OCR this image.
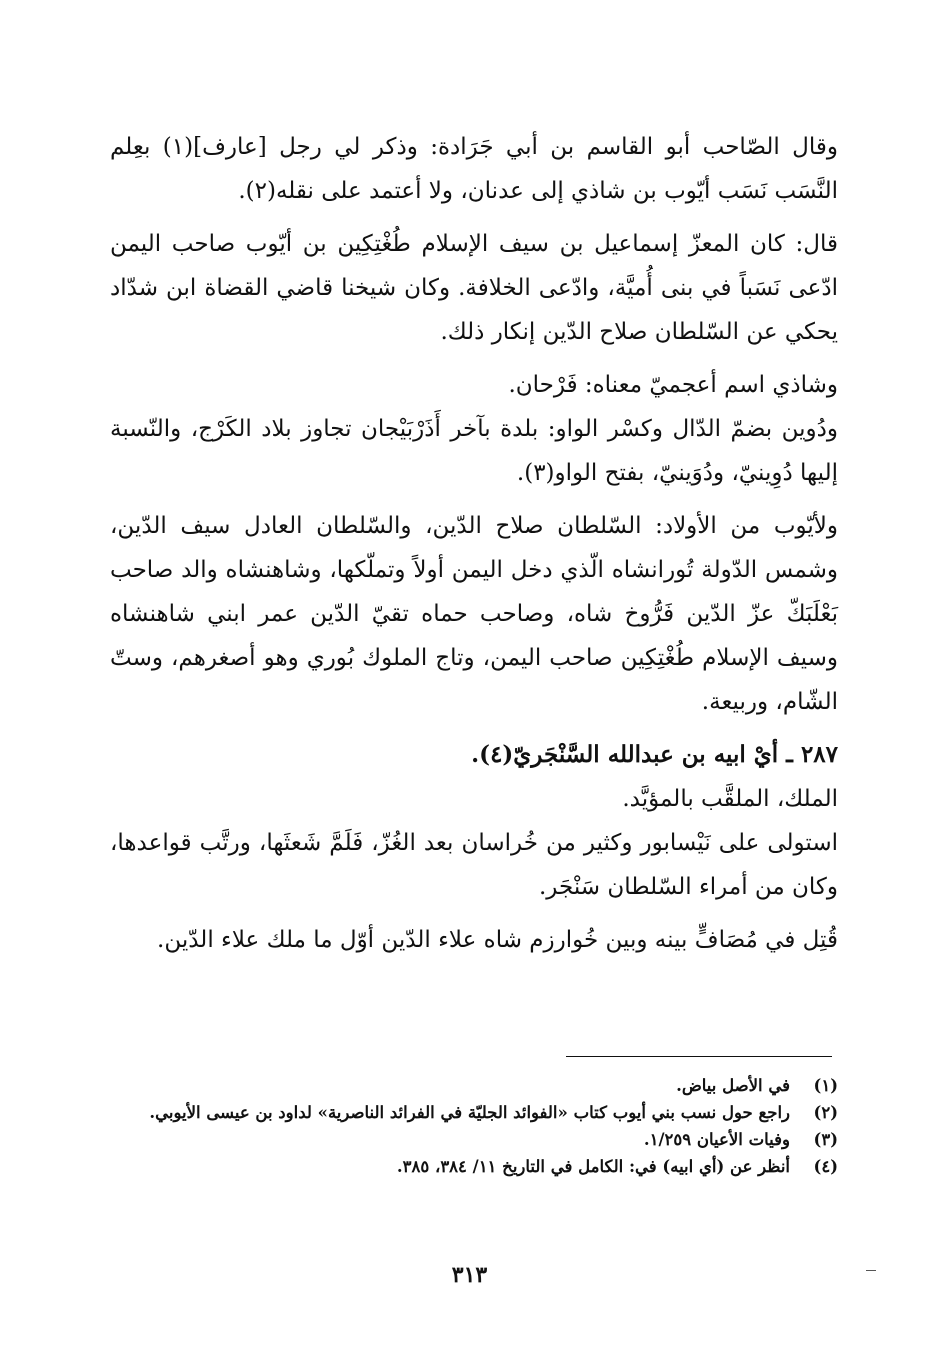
وقال الصّاحب أبو القاسم بن أبي جَرَادة: وذكر لي رجل [عارف](١) بعِلم النَّسَب نَسَب أيّوب بن شاذي إلى عدنان، ولا أعتمد على نقله(٢).

قال: كان المعزّ إسماعيل بن سيف الإسلام طُغْتِكِين بن أيّوب صاحب اليمن ادّعى نَسَباً في بنى أُميَّة، وادّعى الخلافة. وكان شيخنا قاضي القضاة ابن شدّاد يحكي عن السّلطان صلاح الدّين إنكار ذلك.

وشاذي اسم أعجميّ معناه: فَرْحان.

ودُوين بضمّ الدّال وكسْر الواو: بلدة بآخر أَذَرْبَيْجان تجاوز بلاد الكَرْج، والنّسبة إليها دُوِينيّ، ودُوَينيّ، بفتح الواو(٣).

ولأيّوب من الأولاد: السّلطان صلاح الدّين، والسّلطان العادل سيف الدّين، وشمس الدّولة تُورانشاه الّذي دخل اليمن أولاً وتملّكها، وشاهنشاه والد صاحب بَعْلَبَكّ عزّ الدّين فَرُّوخ شاه، وصاحب حماه تقيّ الدّين عمر ابني شاهنشاه وسيف الإسلام طُغْتِكِين صاحب اليمن، وتاج الملوك بُوري وهو أصغرهم، وستّ الشّام، وربيعة.

٢٨٧ ـ أيْ ابيه بن عبدالله السَّنْجَريّ(٤).

الملك، الملقَّب بالمؤيَّد.

استولى على نَيْسابور وكثير من خُراسان بعد الغُزّ، فَلَمَّ شَعثَها، ورتَّب قواعدها، وكان من أمراء السّلطان سَنْجَر.

قُتِل في مُصَافٍّ بينه وبين خُوارزم شاه علاء الدّين أوّل ما ملك علاء الدّين.

(١)
في الأصل بياض.
(٢)
راجع حول نسب بني أيوب كتاب «الفوائد الجليّة في الفرائد الناصرية» لداود بن عيسى الأيوبي.
(٣)
وفيات الأعيان ١/٢٥٩.
(٤)
أنظر عن (أي ابيه) في: الكامل في التاريخ ١١/ ٣٨٤، ٣٨٥.
٣١٣
